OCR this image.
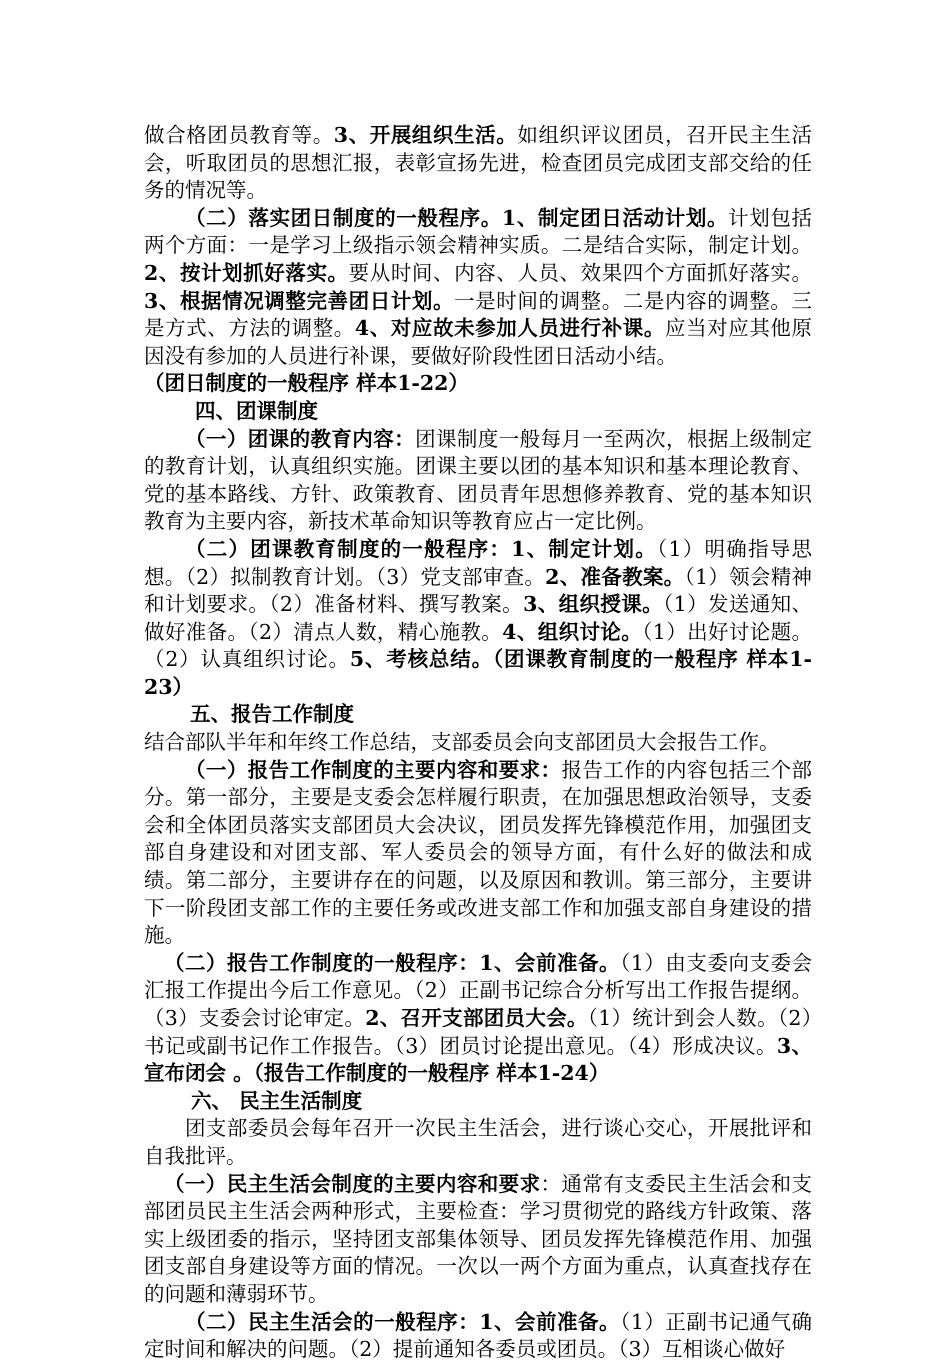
做合格团员教育等。3、开展组织生活。如组织评议团员，召开民主生活会，听取团员的思想汇报，表彰宣扬先进，检查团员完成团支部交给的任务的情况等。

（二）落实团日制度的一般程序。1、制定团日活动计划。计划包括两个方面：一是学习上级指示领会精神实质。二是结合实际，制定计划。2、按计划抓好落实。要从时间、内容、人员、效果四个方面抓好落实。3、根据情况调整完善团日计划。一是时间的调整。二是内容的调整。三是方式、方法的调整。4、对应故未参加人员进行补课。应当对应其他原因没有参加的人员进行补课，要做好阶段性团日活动小结。

（团日制度的一般程序 样本1-22）

四、团课制度

（一）团课的教育内容：团课制度一般每月一至两次，根据上级制定的教育计划，认真组织实施。团课主要以团的基本知识和基本理论教育、党的基本路线、方针、政策教育、团员青年思想修养教育、党的基本知识教育为主要内容，新技术革命知识等教育应占一定比例。

（二）团课教育制度的一般程序：1、制定计划。（1）明确指导思想。（2）拟制教育计划。（3）党支部审查。2、准备教案。（1）领会精神和计划要求。（2）准备材料、撰写教案。3、组织授课。（1）发送通知、做好准备。（2）清点人数，精心施教。4、组织讨论。（1）出好讨论题。（2）认真组织讨论。5、考核总结。（团课教育制度的一般程序 样本1-23）

五、报告工作制度

结合部队半年和年终工作总结，支部委员会向支部团员大会报告工作。

（一）报告工作制度的主要内容和要求：报告工作的内容包括三个部分。第一部分，主要是支委会怎样履行职责，在加强思想政治领导，支委会和全体团员落实支部团员大会决议，团员发挥先锋模范作用，加强团支部自身建设和对团支部、军人委员会的领导方面，有什么好的做法和成绩。第二部分，主要讲存在的问题，以及原因和教训。第三部分，主要讲下一阶段团支部工作的主要任务或改进支部工作和加强支部自身建设的措施。

（二）报告工作制度的一般程序：1、会前准备。（1）由支委向支委会汇报工作提出今后工作意见。（2）正副书记综合分析写出工作报告提纲。（3）支委会讨论审定。2、召开支部团员大会。（1）统计到会人数。（2）书记或副书记作工作报告。（3）团员讨论提出意见。（4）形成决议。3、宣布闭会 。（报告工作制度的一般程序 样本1-24）

六、 民主生活制度

团支部委员会每年召开一次民主生活会，进行谈心交心，开展批评和自我批评。

（一）民主生活会制度的主要内容和要求：通常有支委民主生活会和支部团员民主生活会两种形式，主要检查：学习贯彻党的路线方针政策、落实上级团委的指示，坚持团支部集体领导、团员发挥先锋模范作用、加强团支部自身建设等方面的情况。一次以一两个方面为重点，认真查找存在的问题和薄弱环节。

（二）民主生活会的一般程序：1、会前准备。（1）正副书记通气确定时间和解决的问题。（2）提前通知各委员或团员。（3）互相谈心做好
